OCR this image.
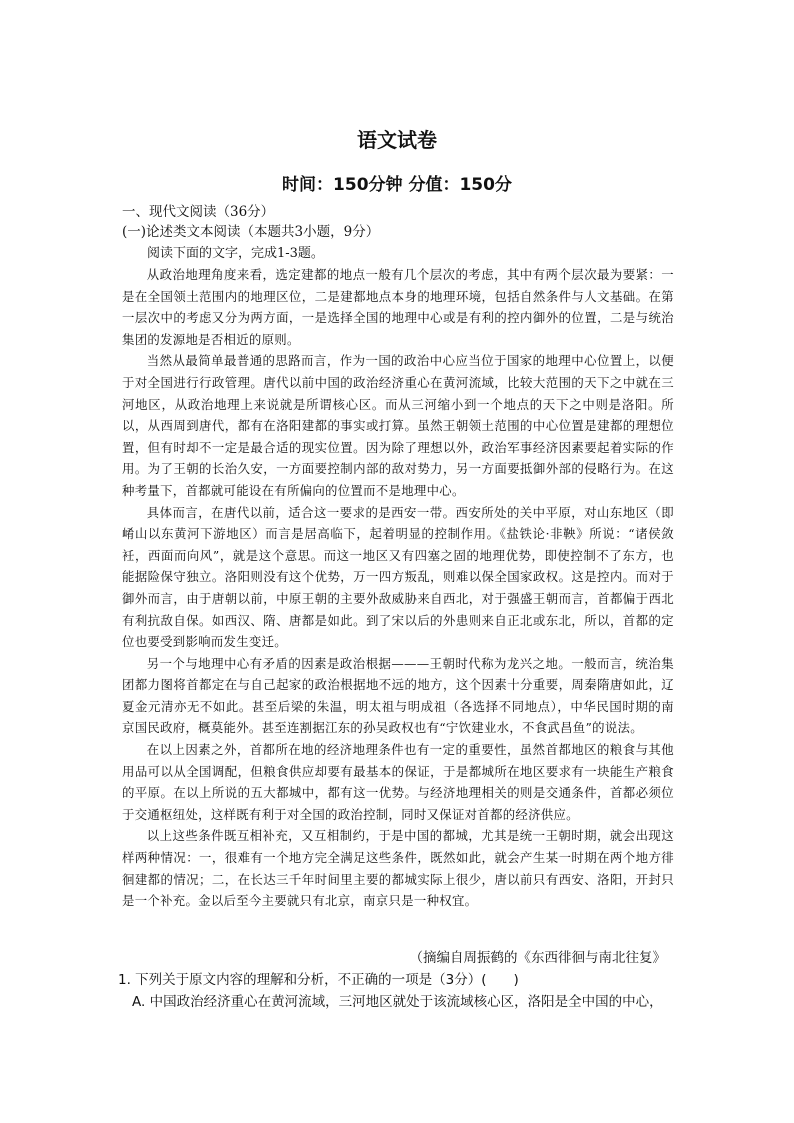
语文试卷
时间：150分钟 分值：150分
一、现代文阅读（36分）
(一)论述类文本阅读（本题共3小题，9分）
阅读下面的文字，完成1-3题。

从政治地理角度来看，选定建都的地点一般有几个层次的考虑，其中有两个层次最为要紧：一是在全国领土范围内的地理区位，二是建都地点本身的地理环境，包括自然条件与人文基础。在第一层次中的考虑又分为两方面，一是选择全国的地理中心或是有利的控内御外的位置，二是与统治集团的发源地是否相近的原则。

当然从最简单最普通的思路而言，作为一国的政治中心应当位于国家的地理中心位置上，以便于对全国进行行政管理。唐代以前中国的政治经济重心在黄河流域，比较大范围的天下之中就在三河地区，从政治地理上来说就是所谓核心区。而从三河缩小到一个地点的天下之中则是洛阳。所以，从西周到唐代，都有在洛阳建都的事实或打算。虽然王朝领土范围的中心位置是建都的理想位置，但有时却不一定是最合适的现实位置。因为除了理想以外，政治军事经济因素要起着实际的作用。为了王朝的长治久安，一方面要控制内部的敌对势力，另一方面要抵御外部的侵略行为。在这种考量下，首都就可能设在有所偏向的位置而不是地理中心。

具体而言，在唐代以前，适合这一要求的是西安一带。西安所处的关中平原，对山东地区（即崤山以东黄河下游地区）而言是居高临下，起着明显的控制作用。《盐铁论·非鞅》所说：“诸侯敛衽，西面而向风”，就是这个意思。而这一地区又有四塞之固的地理优势，即使控制不了东方，也能据险保守独立。洛阳则没有这个优势，万一四方叛乱，则难以保全国家政权。这是控内。而对于御外而言，由于唐朝以前，中原王朝的主要外敌威胁来自西北，对于强盛王朝而言，首都偏于西北有利抗敌自保。如西汉、隋、唐都是如此。到了宋以后的外患则来自正北或东北，所以，首都的定位也要受到影响而发生变迁。

另一个与地理中心有矛盾的因素是政治根据———王朝时代称为龙兴之地。一般而言，统治集团都力图将首都定在与自己起家的政治根据地不远的地方，这个因素十分重要，周秦隋唐如此，辽夏金元清亦无不如此。甚至后梁的朱温，明太祖与明成祖（各选择不同地点），中华民国时期的南京国民政府，概莫能外。甚至连割据江东的孙吴政权也有“宁饮建业水，不食武昌鱼”的说法。

在以上因素之外，首都所在地的经济地理条件也有一定的重要性，虽然首都地区的粮食与其他用品可以从全国调配，但粮食供应却要有最基本的保证，于是都城所在地区要求有一块能生产粮食的平原。在以上所说的五大都城中，都有这一优势。与经济地理相关的则是交通条件，首都必须位于交通枢纽处，这样既有利于对全国的政治控制，同时又保证对首都的经济供应。

以上这些条件既互相补充，又互相制约，于是中国的都城，尤其是统一王朝时期，就会出现这样两种情况：一，很难有一个地方完全满足这些条件，既然如此，就会产生某一时期在两个地方徘徊建都的情况；二，在长达三千年时间里主要的都城实际上很少，唐以前只有西安、洛阳，开封只是一个补充。金以后至今主要就只有北京，南京只是一种权宜。

（摘编自周振鹤的《东西徘徊与南北往复》
1. 下列关于原文内容的理解和分析，不正确的一项是（3分）(　　)
A. 中国政治经济重心在黄河流域，三河地区就处于该流域核心区，洛阳是全中国的中心，
